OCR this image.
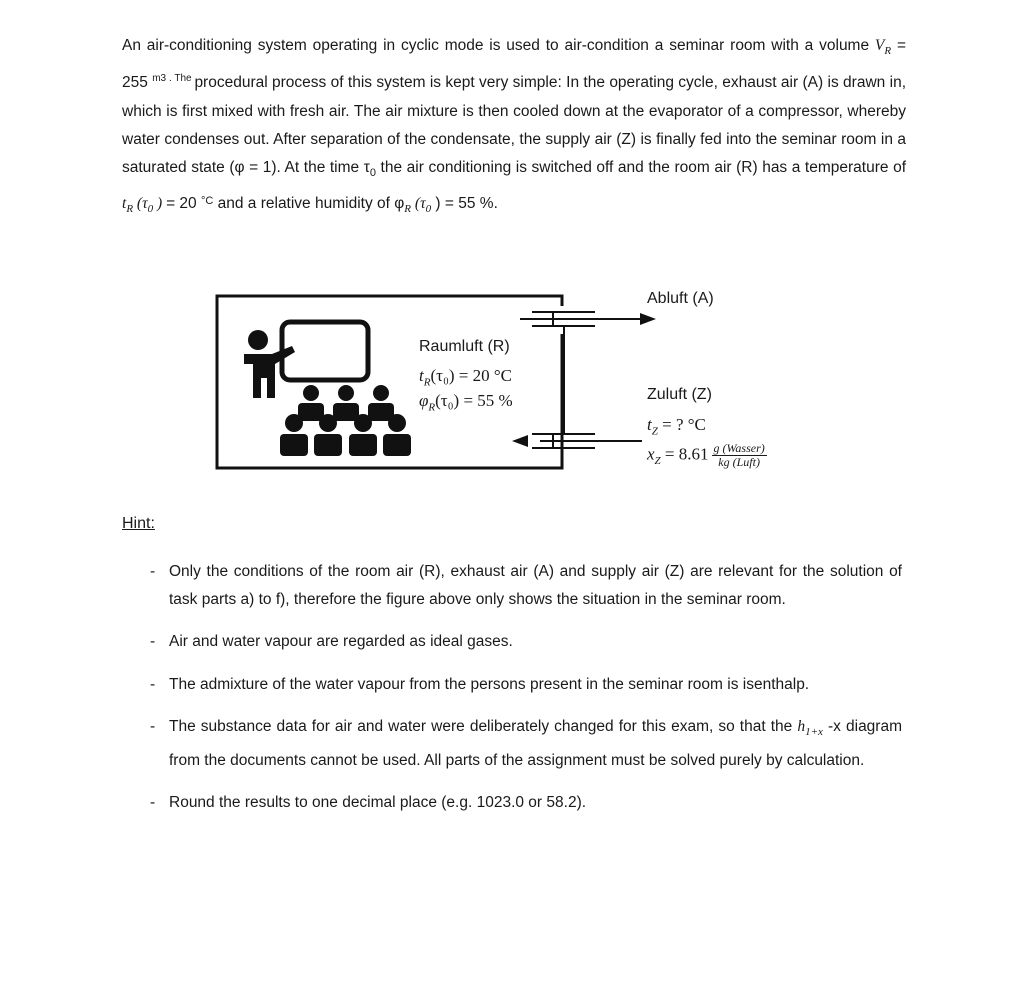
An air-conditioning system operating in cyclic mode is used to air-condition a seminar room with a volume $V_R = 255$ $^{m3}$ $^{. The}$ procedural process of this system is kept very simple: In the operating cycle, exhaust air (A) is drawn in, which is first mixed with fresh air. The air mixture is then cooled down at the evaporator of a compressor, whereby water condenses out. After separation of the condensate, the supply air (Z) is finally fed into the seminar room in a saturated state (φ = 1). At the time $\tau_0$ the air conditioning is switched off and the room air (R) has a temperature of $t_R$ ($\tau_0$ ) = 20 $^{^\circ C}$ and a relative humidity of $\varphi_R$ ($\tau_0$ ) = 55 %.

Raumluft (R)
$t_R(\tau_0) = 20$ °C
$\varphi_R(\tau_0) = 55$ %
Abluft (A)
Zuluft (Z)
$t_Z$ = ? °C
$x_Z = 8.61 \frac{\text{g (Wasser)}}{\text{kg (Luft)}}$
Hint:
- Only the conditions of the room air (R), exhaust air (A) and supply air (Z) are relevant for the solution of task parts a) to f), therefore the figure above only shows the situation in the seminar room.
- Air and water vapour are regarded as ideal gases.
- The admixture of the water vapour from the persons present in the seminar room is isenthalp.
- The substance data for air and water were deliberately changed for this exam, so that the $h_{1+x}$ -x diagram from the documents cannot be used. All parts of the assignment must be solved purely by calculation.
- Round the results to one decimal place (e.g. 1023.0 or 58.2).
